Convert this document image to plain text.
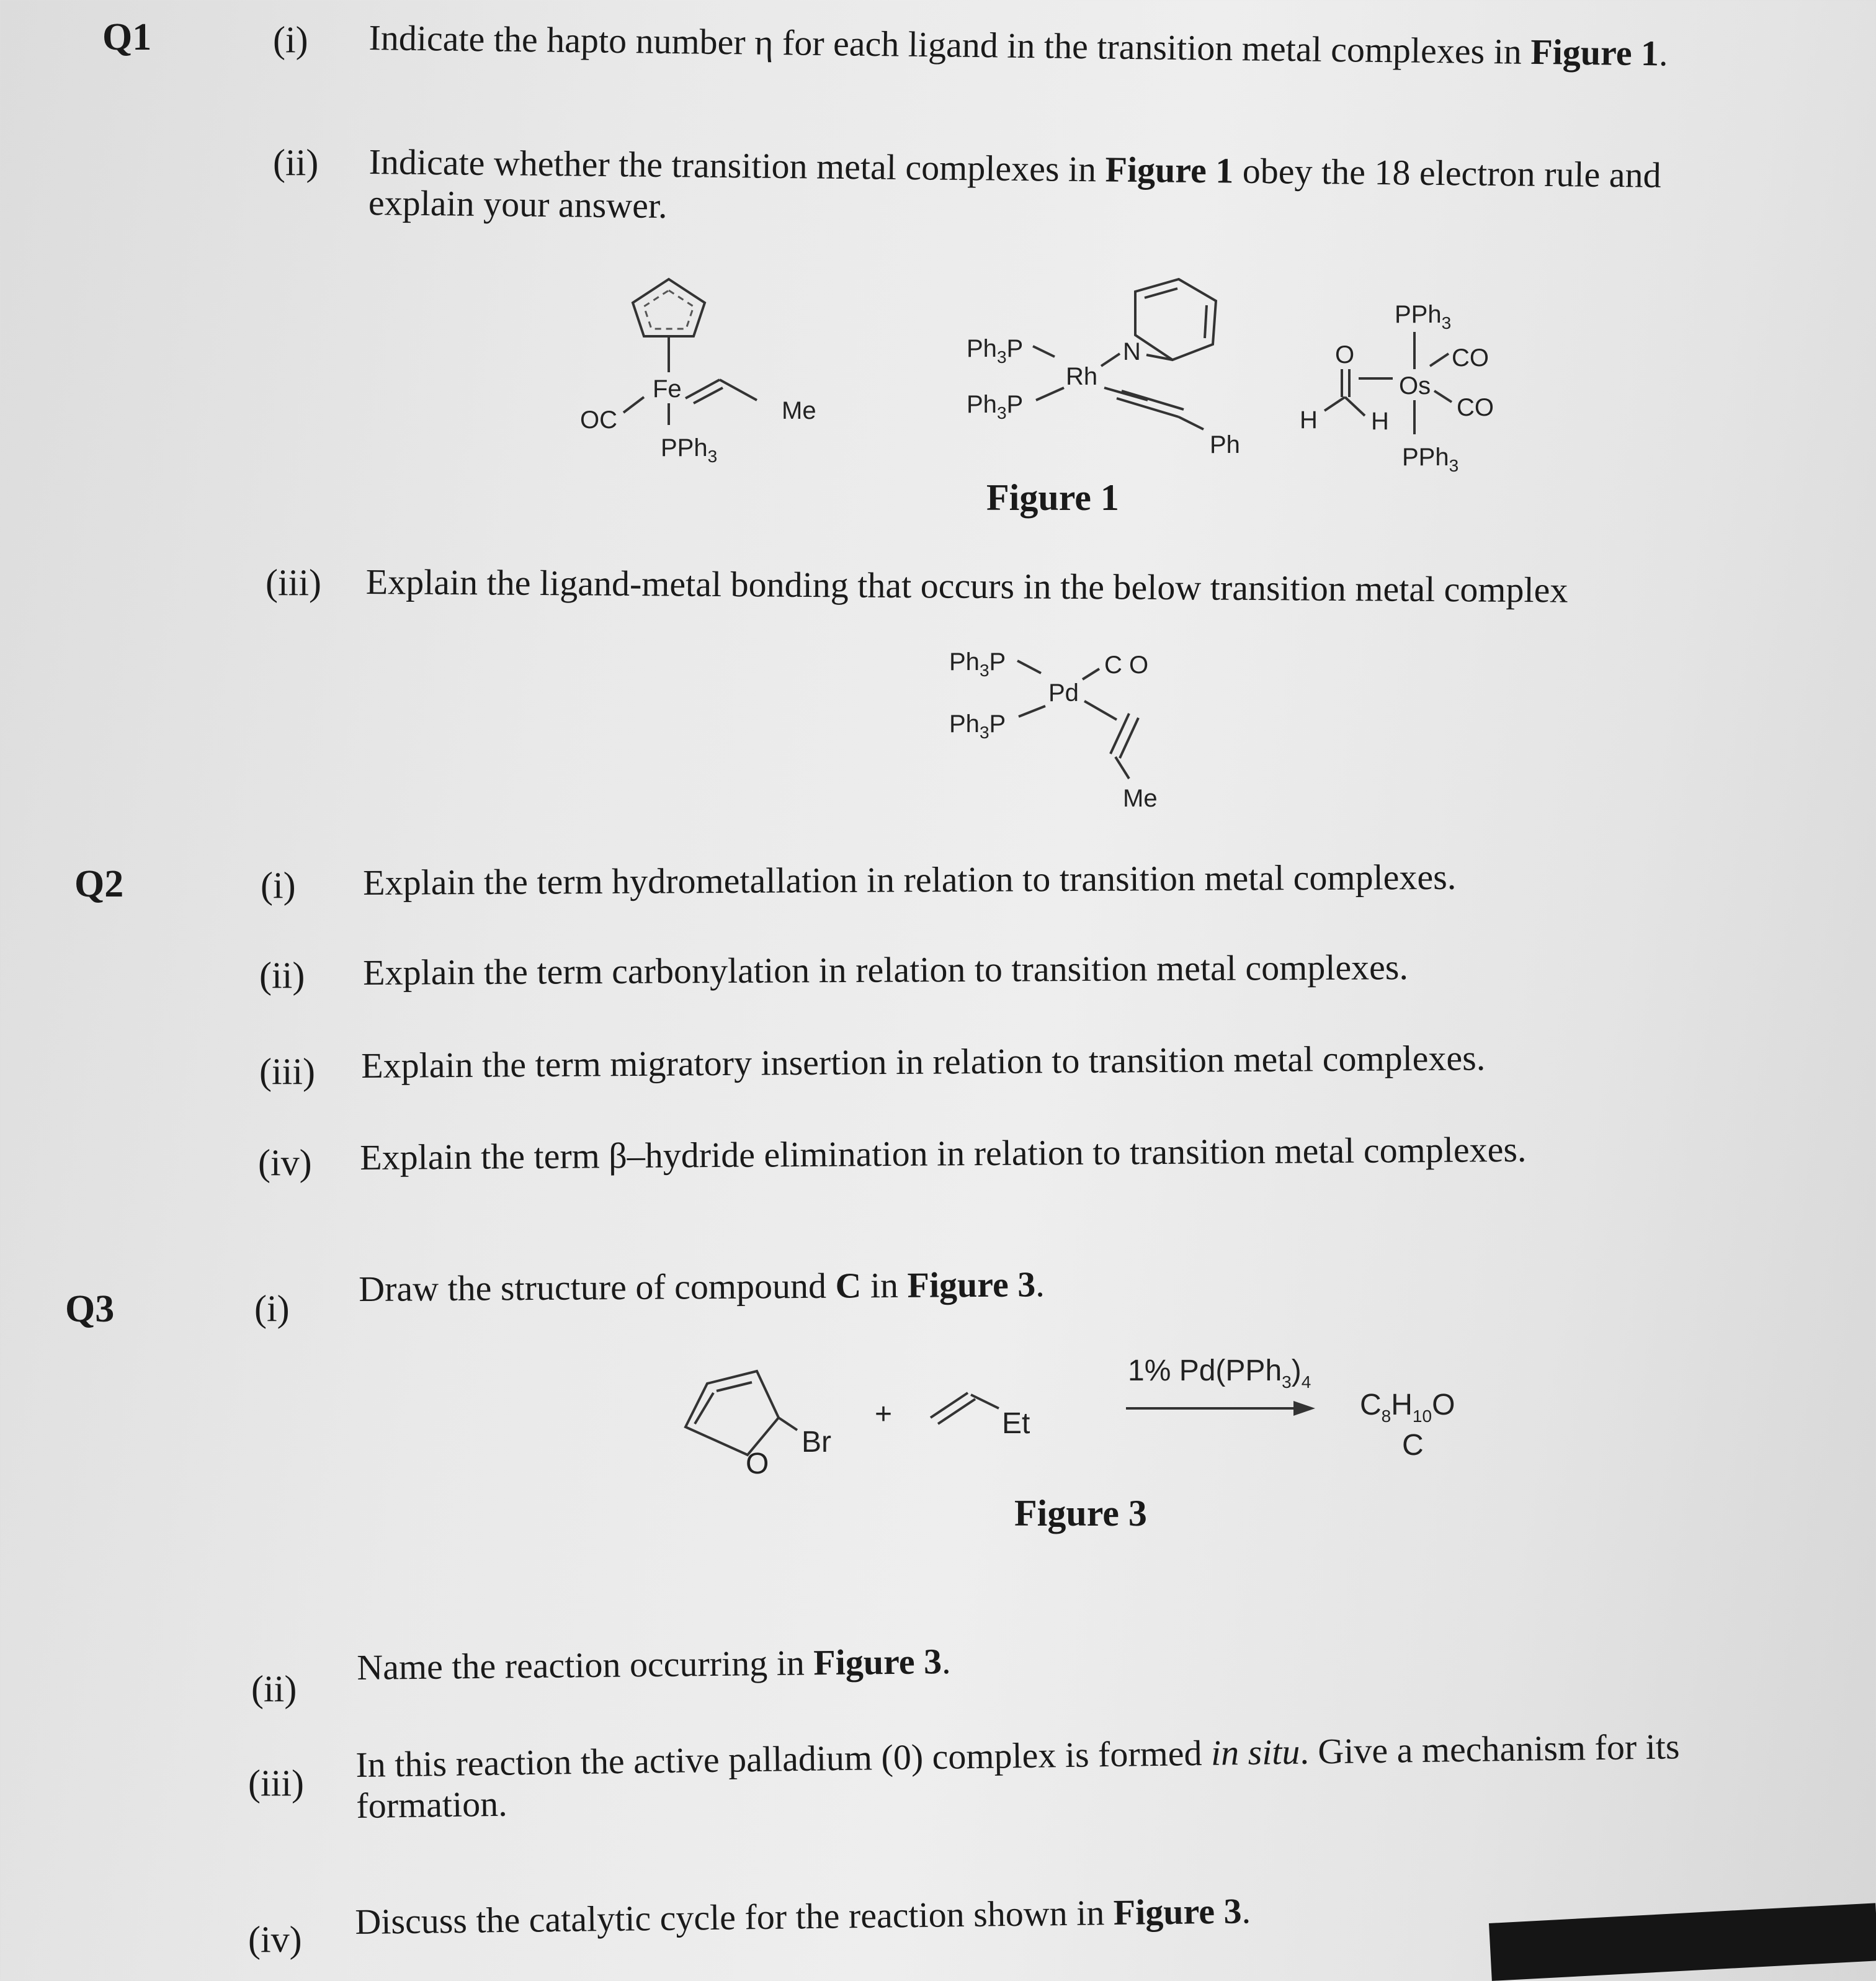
Q1	(i) Indicate the hapto number η for each ligand in the transition metal complexes in Figure 1.
(ii) Indicate whether the transition metal complexes in Figure 1 obey the 18 electron rule and explain your answer.
Fe
OC
PPh$_3$
Me
N
$Ph_3P$
Rh
$Ph_3P$
Ph
PPh$_3$
Os
CO
CO
PPh$_3$
O
H H
Figure 1
(iii) Explain the ligand-metal bonding that occurs in the below transition metal complex
$Ph_3P$
Pd
C O
$Ph_3P$
Me
Q2	(i) Explain the term hydrometallation in relation to transition metal complexes.
(ii) Explain the term carbonylation in relation to transition metal complexes.
(iii) Explain the term migratory insertion in relation to transition metal complexes.
(iv) Explain the term β–hydride elimination in relation to transition metal complexes.
Q3	(i) Draw the structure of compound C in Figure 3.
O
Br
+	Et
1% $Pd(PPh_3)_4$
$C_8H_{10}O$
C
Figure 3
(ii)
Name the reaction occurring in Figure 3.
(iii) In this reaction the active palladium (0) complex is formed in situ. Give a mechanism for its formation.
(iv) Discuss the catalytic cycle for the reaction shown in Figure 3.
